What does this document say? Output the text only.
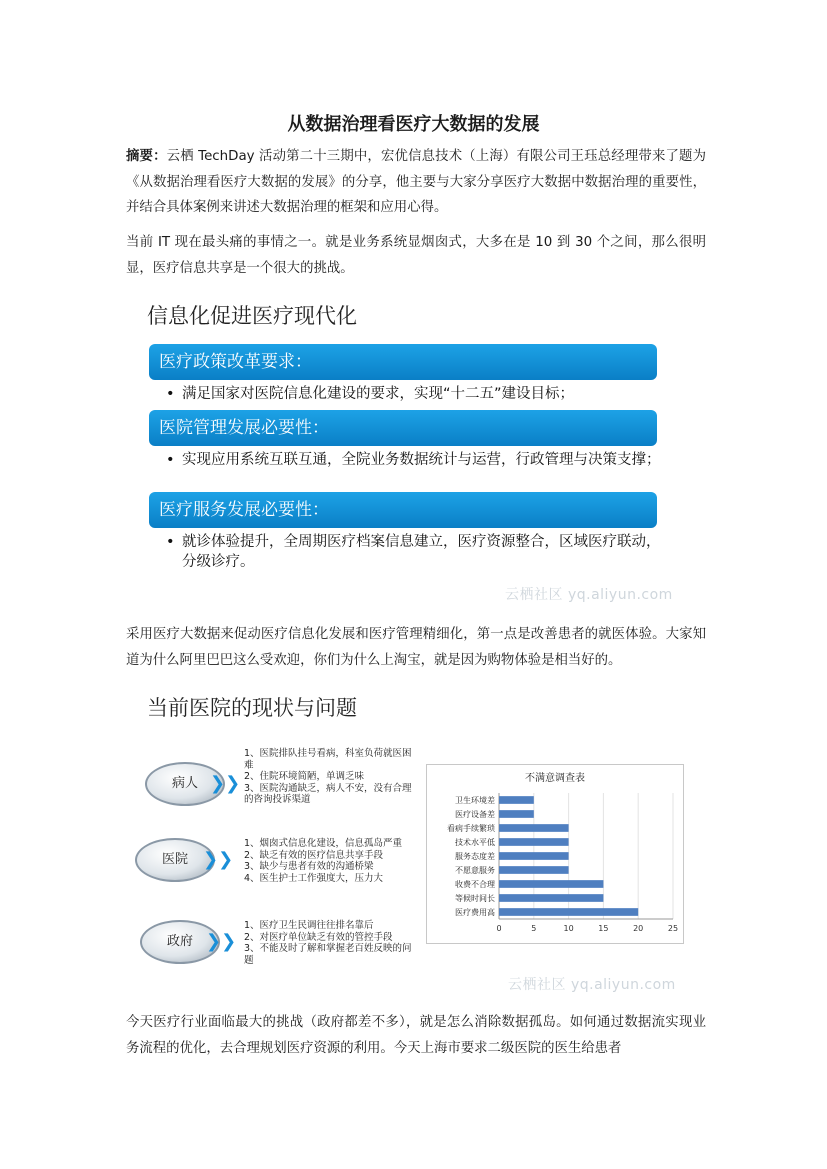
从数据治理看医疗大数据的发展
摘要：云栖 TechDay 活动第二十三期中，宏优信息技术（上海）有限公司王珏总经理带来了题为《从数据治理看医疗大数据的发展》的分享，他主要与大家分享医疗大数据中数据治理的重要性，并结合具体案例来讲述大数据治理的框架和应用心得。
当前 IT 现在最头痛的事情之一。就是业务系统显烟囱式，大多在是 10 到 30 个之间，那么很明显，医疗信息共享是一个很大的挑战。
信息化促进医疗现代化
医疗政策改革要求：
• 满足国家对医院信息化建设的要求，实现“十二五”建设目标；
医院管理发展必要性：
• 实现应用系统互联互通，全院业务数据统计与运营，行政管理与决策支撑；
医疗服务发展必要性：
• 就诊体验提升，全周期医疗档案信息建立，医疗资源整合，区域医疗联动，分级诊疗。
云栖社区 yq.aliyun.com
采用医疗大数据来促动医疗信息化发展和医疗管理精细化，第一点是改善患者的就医体验。大家知道为什么阿里巴巴这么受欢迎，你们为什么上淘宝，就是因为购物体验是相当好的。
当前医院的现状与问题
病人 ❯❯
1、医院排队挂号看病，科室负荷就医困难
2、住院环境简陋，单调乏味
3、医院沟通缺乏，病人不安，没有合理的咨询投诉渠道
医院 ❯❯
1、烟囱式信息化建设，信息孤岛严重
2、缺乏有效的医疗信息共享手段
3、缺少与患者有效的沟通桥梁
4、医生护士工作强度大，压力大
政府 ❯❯
1、医疗卫生民调往往排名靠后
2、对医疗单位缺乏有效的管控手段
3、不能及时了解和掌握老百姓反映的问题
不满意调查表
0	5	10	15	20	25
卫生环境差
医疗设备差
看病手续繁琐
技术水平低
服务态度差
不愿意服务
收费不合理
等候时间长
医疗费用高
云栖社区 yq.aliyun.com
今天医疗行业面临最大的挑战（政府都差不多），就是怎么消除数据孤岛。如何通过数据流实现业务流程的优化，去合理规划医疗资源的利用。今天上海市要求二级医院的医生给患者
